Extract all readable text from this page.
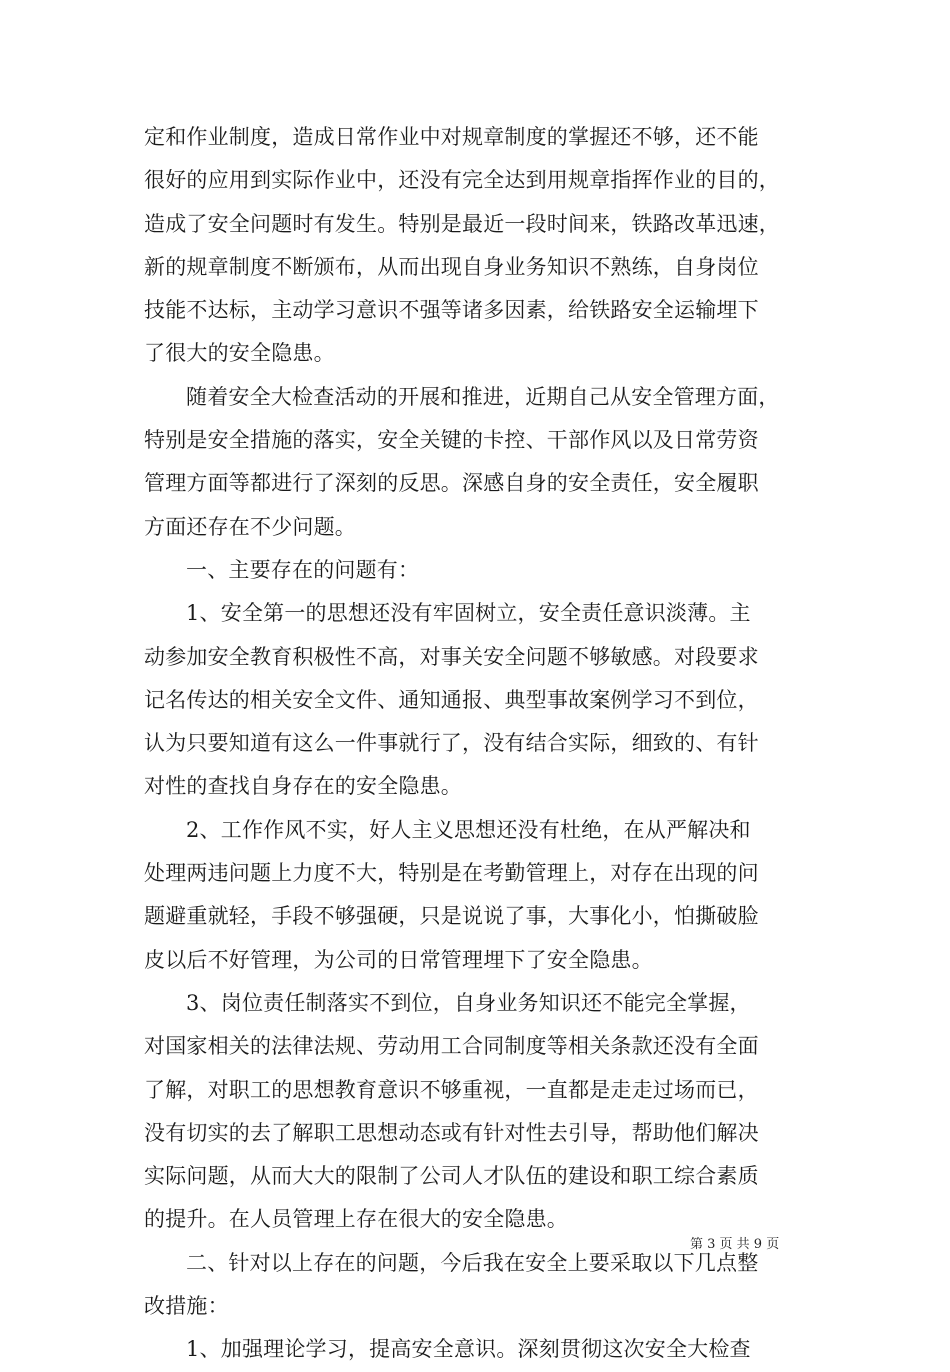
定和作业制度，造成日常作业中对规章制度的掌握还不够，还不能
很好的应用到实际作业中，还没有完全达到用规章指挥作业的目的，
造成了安全问题时有发生。特别是最近一段时间来，铁路改革迅速，
新的规章制度不断颁布，从而出现自身业务知识不熟练，自身岗位
技能不达标，主动学习意识不强等诸多因素，给铁路安全运输埋下
了很大的安全隐患。
随着安全大检查活动的开展和推进，近期自己从安全管理方面，
特别是安全措施的落实，安全关键的卡控、干部作风以及日常劳资
管理方面等都进行了深刻的反思。深感自身的安全责任，安全履职
方面还存在不少问题。
一、主要存在的问题有：
1、安全第一的思想还没有牢固树立，安全责任意识淡薄。主
动参加安全教育积极性不高，对事关安全问题不够敏感。对段要求
记名传达的相关安全文件、通知通报、典型事故案例学习不到位，
认为只要知道有这么一件事就行了，没有结合实际，细致的、有针
对性的查找自身存在的安全隐患。
2、工作作风不实，好人主义思想还没有杜绝，在从严解决和
处理两违问题上力度不大，特别是在考勤管理上，对存在出现的问
题避重就轻，手段不够强硬，只是说说了事，大事化小，怕撕破脸
皮以后不好管理，为公司的日常管理埋下了安全隐患。
3、岗位责任制落实不到位，自身业务知识还不能完全掌握，
对国家相关的法律法规、劳动用工合同制度等相关条款还没有全面
了解，对职工的思想教育意识不够重视，一直都是走走过场而已，
没有切实的去了解职工思想动态或有针对性去引导，帮助他们解决
实际问题，从而大大的限制了公司人才队伍的建设和职工综合素质
的提升。在人员管理上存在很大的安全隐患。
二、针对以上存在的问题，今后我在安全上要采取以下几点整
改措施：
1、加强理论学习，提高安全意识。深刻贯彻这次安全大检查
第 3 页 共 9 页
